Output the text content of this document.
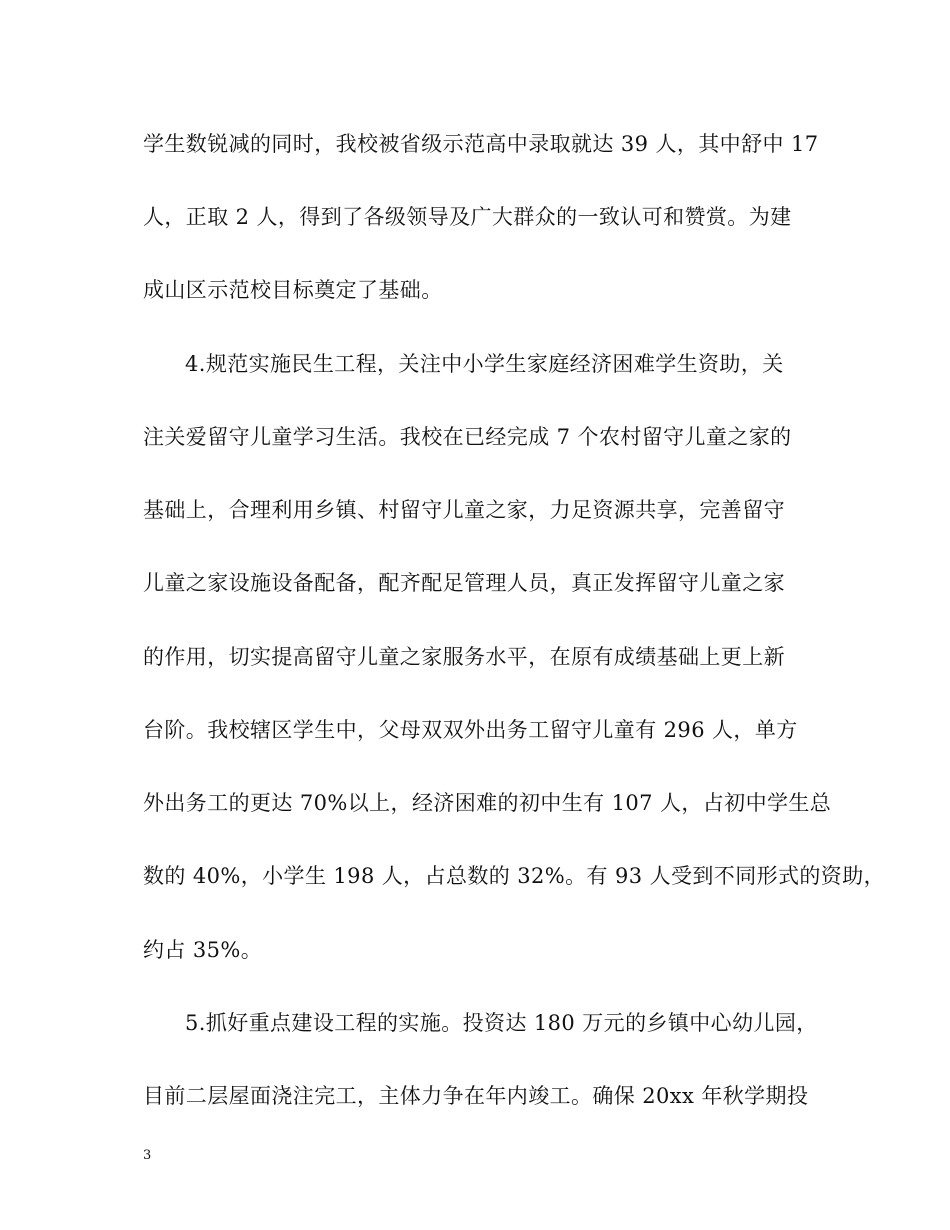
学生数锐减的同时，我校被省级示范高中录取就达 39 人，其中舒中 17
人，正取 2 人，得到了各级领导及广大群众的一致认可和赞赏。为建
成山区示范校目标奠定了基础。
4.规范实施民生工程，关注中小学生家庭经济困难学生资助，关
注关爱留守儿童学习生活。我校在已经完成 7 个农村留守儿童之家的
基础上，合理利用乡镇、村留守儿童之家，力足资源共享，完善留守
儿童之家设施设备配备，配齐配足管理人员，真正发挥留守儿童之家
的作用，切实提高留守儿童之家服务水平，在原有成绩基础上更上新
台阶。我校辖区学生中，父母双双外出务工留守儿童有 296 人，单方
外出务工的更达 70%以上，经济困难的初中生有 107 人，占初中学生总
数的 40%，小学生 198 人，占总数的 32%。有 93 人受到不同形式的资助，
约占 35%。
5.抓好重点建设工程的实施。投资达 180 万元的乡镇中心幼儿园，
目前二层屋面浇注完工，主体力争在年内竣工。确保 20xx 年秋学期投
3
